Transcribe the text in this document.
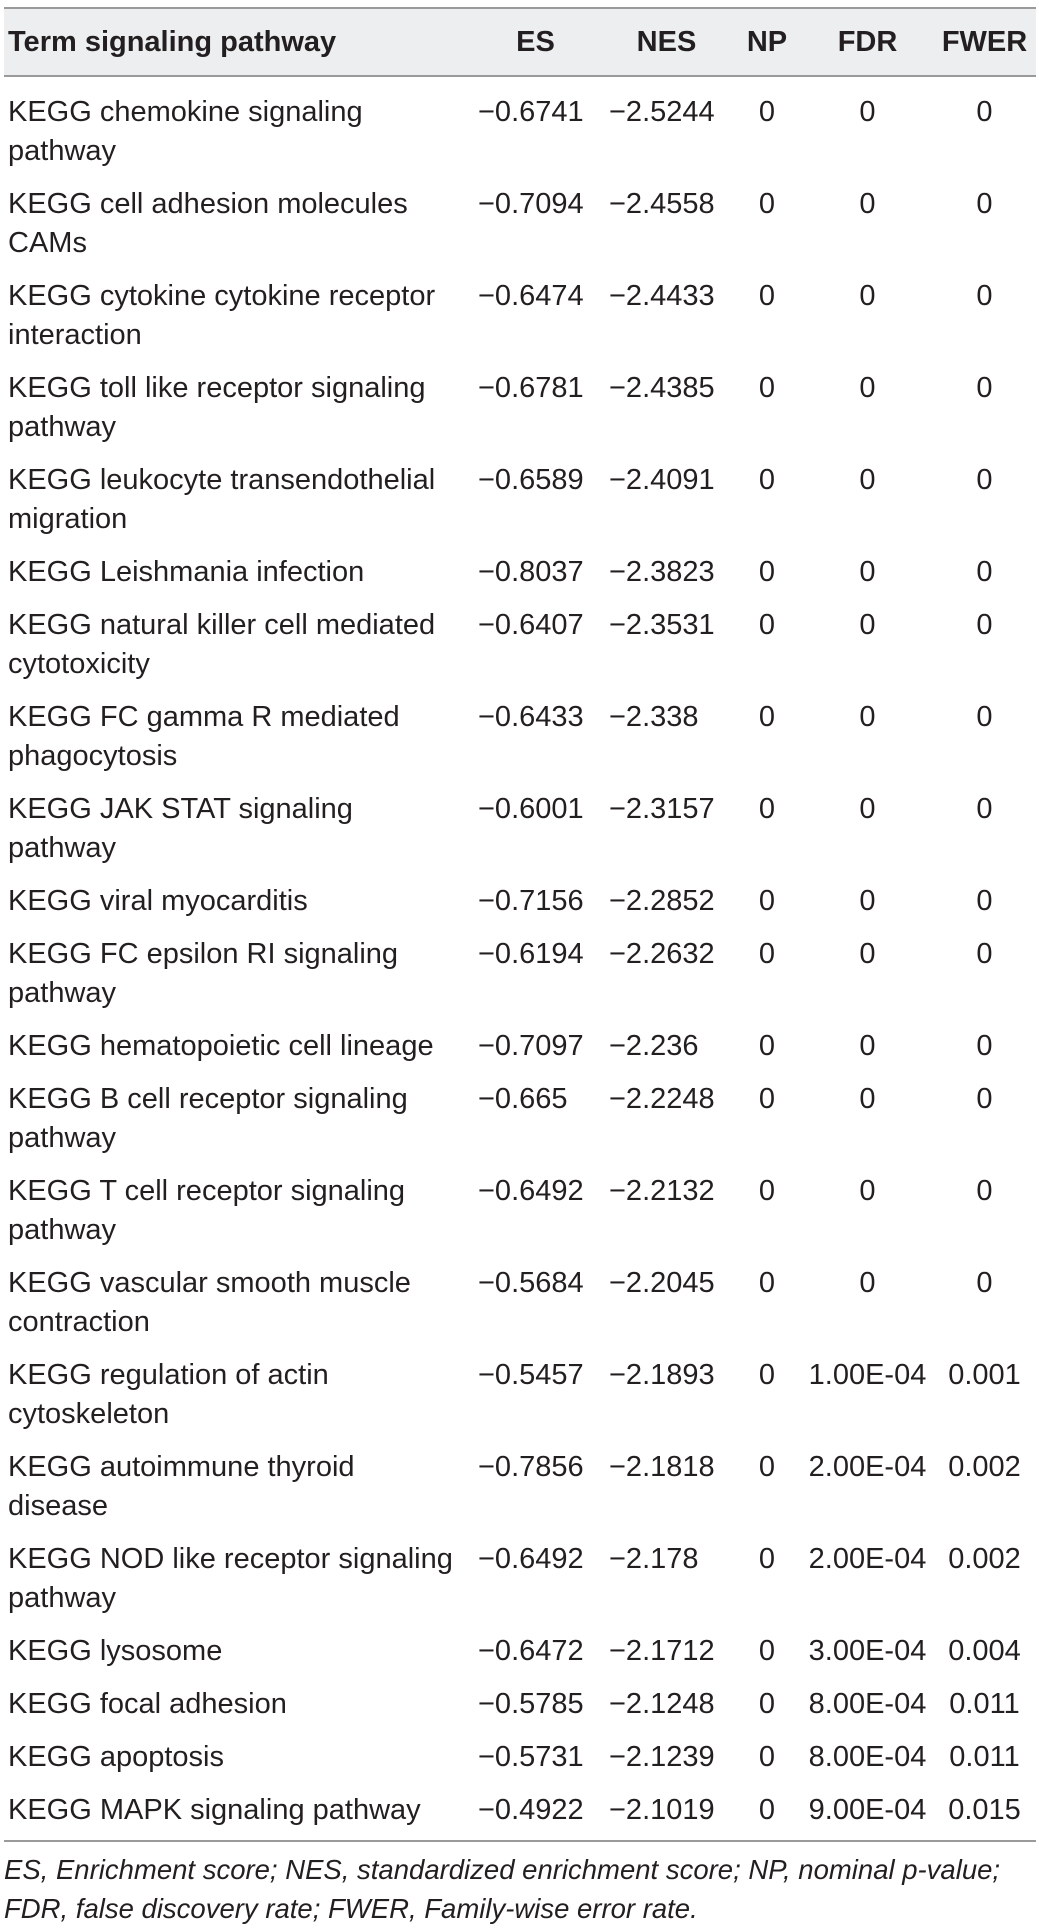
Term signaling pathway	ES	NES	NP	FDR	FWER
KEGG chemokine signaling pathway	−0.6741	−2.5244	0	0	0
KEGG cell adhesion molecules CAMs	−0.7094	−2.4558	0	0	0
KEGG cytokine cytokine receptor interaction	−0.6474	−2.4433	0	0	0
KEGG toll like receptor signaling pathway	−0.6781	−2.4385	0	0	0
KEGG leukocyte transendothelial migration	−0.6589	−2.4091	0	0	0
KEGG Leishmania infection	−0.8037	−2.3823	0	0	0
KEGG natural killer cell mediated cytotoxicity	−0.6407	−2.3531	0	0	0
KEGG FC gamma R mediated phagocytosis	−0.6433	−2.338	0	0	0
KEGG JAK STAT signaling pathway	−0.6001	−2.3157	0	0	0
KEGG viral myocarditis	−0.7156	−2.2852	0	0	0
KEGG FC epsilon RI signaling pathway	−0.6194	−2.2632	0	0	0
KEGG hematopoietic cell lineage	−0.7097	−2.236	0	0	0
KEGG B cell receptor signaling pathway	−0.665	−2.2248	0	0	0
KEGG T cell receptor signaling pathway	−0.6492	−2.2132	0	0	0
KEGG vascular smooth muscle contraction	−0.5684	−2.2045	0	0	0
KEGG regulation of actin cytoskeleton	−0.5457	−2.1893	0	1.00E-04	0.001
KEGG autoimmune thyroid disease	−0.7856	−2.1818	0	2.00E-04	0.002
KEGG NOD like receptor signaling pathway	−0.6492	−2.178	0	2.00E-04	0.002
KEGG lysosome	−0.6472	−2.1712	0	3.00E-04	0.004
KEGG focal adhesion	−0.5785	−2.1248	0	8.00E-04	0.011
KEGG apoptosis	−0.5731	−2.1239	0	8.00E-04	0.011
KEGG MAPK signaling pathway	−0.4922	−2.1019	0	9.00E-04	0.015
ES, Enrichment score; NES, standardized enrichment score; NP, nominal p-value; FDR, false discovery rate; FWER, Family-wise error rate.
